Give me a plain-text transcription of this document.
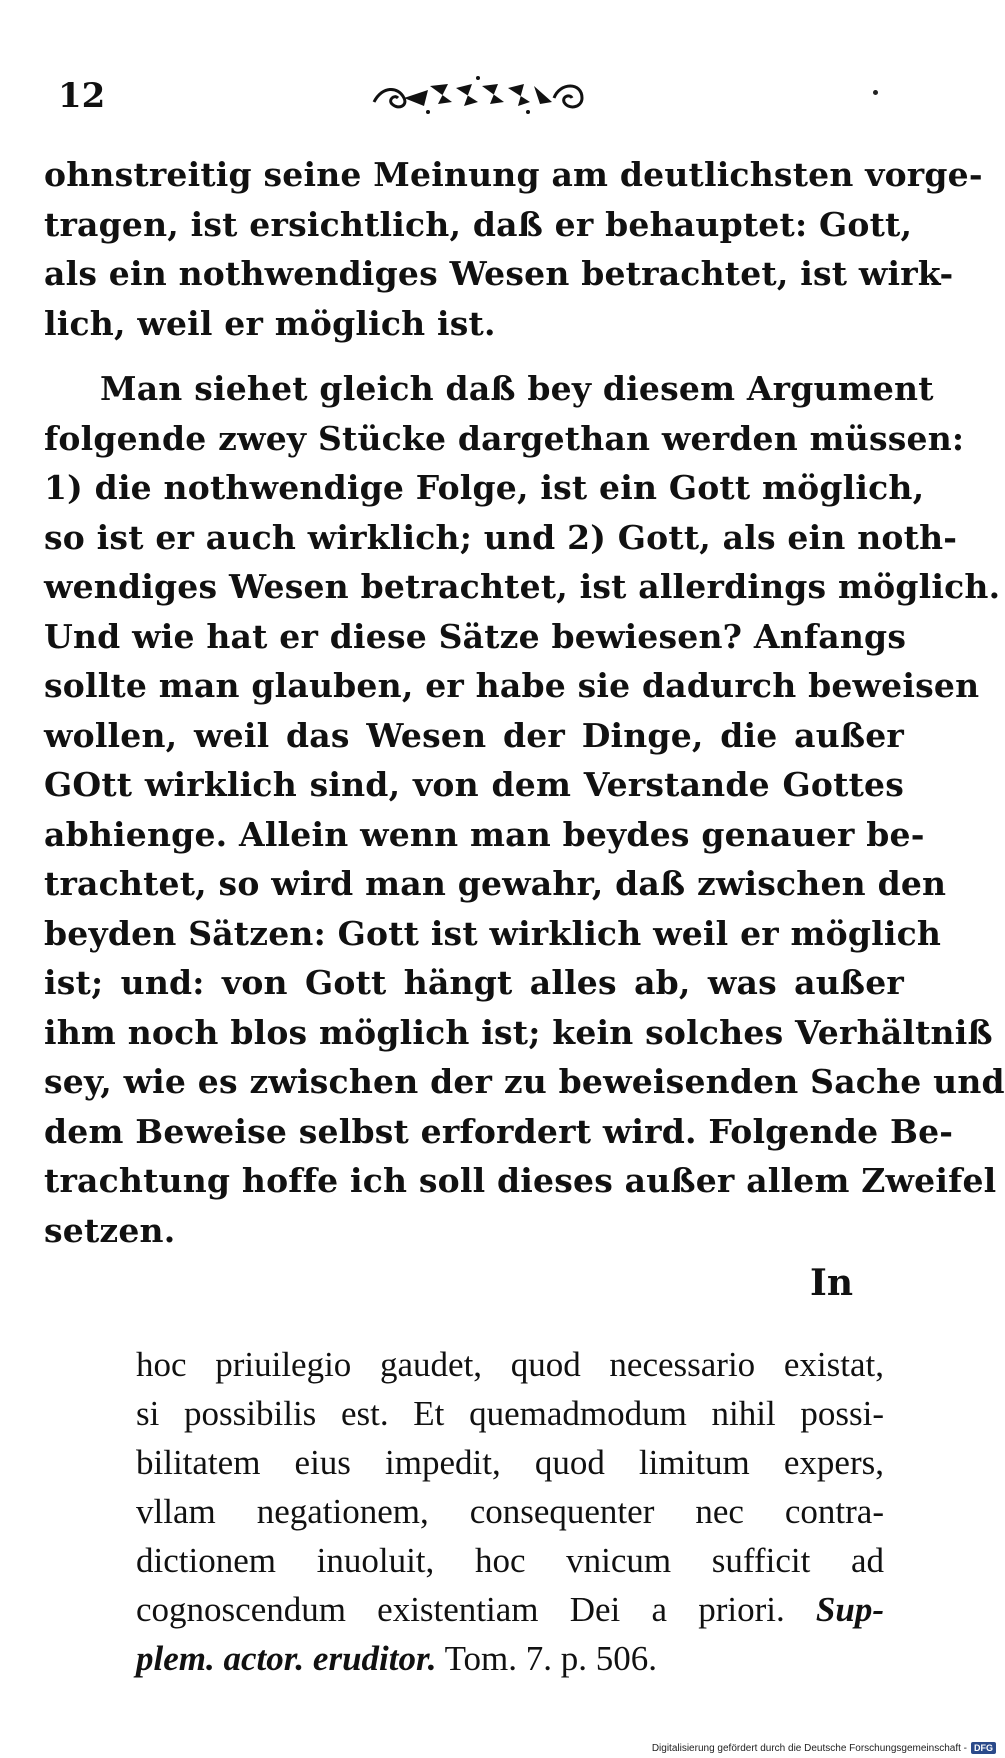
12
ohnstreitig seine Meinung am deutlichsten vorge-
tragen, ist ersichtlich, daß er behauptet: Gott,
als ein nothwendiges Wesen betrachtet, ist wirk-
lich, weil er möglich ist.
Man siehet gleich daß bey diesem Argument
folgende zwey Stücke dargethan werden müssen:
1) die nothwendige Folge, ist ein Gott möglich,
so ist er auch wirklich; und 2) Gott, als ein noth-
wendiges Wesen betrachtet, ist allerdings möglich.
Und wie hat er diese Sätze bewiesen? Anfangs
sollte man glauben, er habe sie dadurch beweisen
wollen, weil das Wesen der Dinge, die außer
GOtt wirklich sind, von dem Verstande Gottes
abhienge. Allein wenn man beydes genauer be-
trachtet, so wird man gewahr, daß zwischen den
beyden Sätzen: Gott ist wirklich weil er möglich
ist; und: von Gott hängt alles ab, was außer
ihm noch blos möglich ist; kein solches Verhältniß
sey, wie es zwischen der zu beweisenden Sache und
dem Beweise selbst erfordert wird. Folgende Be-
trachtung hoffe ich soll dieses außer allem Zweifel
setzen.
In
hoc priuilegio gaudet, quod necessario existat,
si possibilis est. Et quemadmodum nihil possi-
bilitatem eius impedit, quod limitum expers,
vllam negationem, consequenter nec contra-
dictionem inuoluit, hoc vnicum sufficit ad
cognoscendum existentiam Dei a priori. Sup-
plem. actor. eruditor. Tom. 7. p. 506.
Digitalisierung gefördert durch die Deutsche Forschungsgemeinschaft - DFG
